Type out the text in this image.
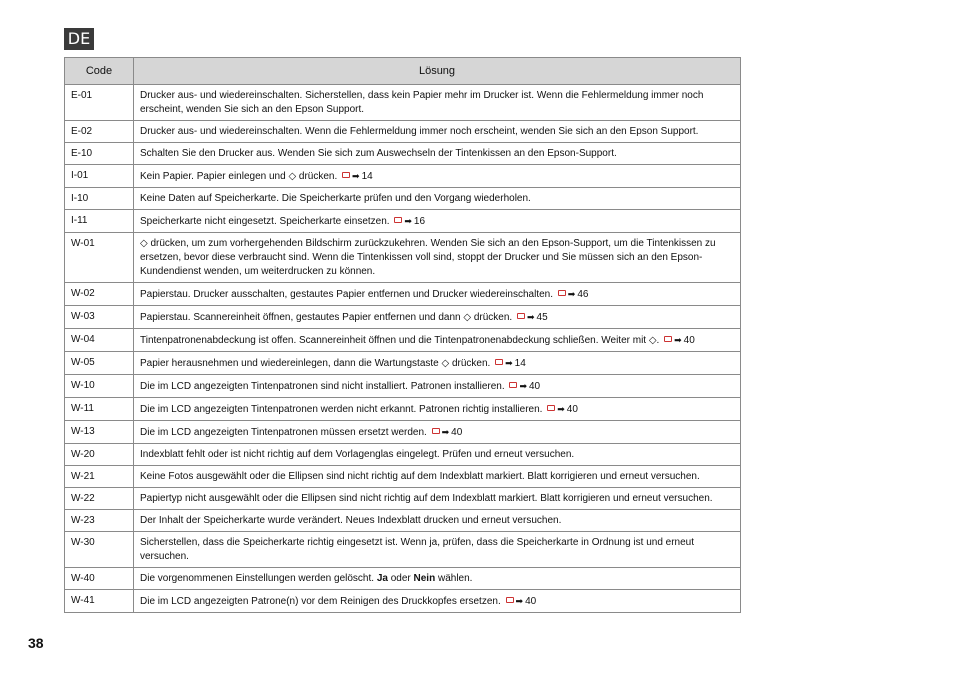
DE
Code	Lösung
E-01	Drucker aus- und wiedereinschalten. Sicherstellen, dass kein Papier mehr im Drucker ist. Wenn die Fehlermeldung immer noch erscheint, wenden Sie sich an den Epson Support.
E-02	Drucker aus- und wiedereinschalten. Wenn die Fehlermeldung immer noch erscheint, wenden Sie sich an den Epson Support.
E-10	Schalten Sie den Drucker aus. Wenden Sie sich zum Auswechseln der Tintenkissen an den Epson-Support.
I-01	Kein Papier. Papier einlegen und ◇ drücken. ➡ 14
I-10	Keine Daten auf Speicherkarte. Die Speicherkarte prüfen und den Vorgang wiederholen.
I-11	Speicherkarte nicht eingesetzt. Speicherkarte einsetzen. ➡ 16
W-01	◇ drücken, um zum vorhergehenden Bildschirm zurückzukehren. Wenden Sie sich an den Epson-Support, um die Tintenkissen zu ersetzen, bevor diese verbraucht sind. Wenn die Tintenkissen voll sind, stoppt der Drucker und Sie müssen sich an den Epson-Kundendienst wenden, um weiterdrucken zu können.
W-02	Papierstau. Drucker ausschalten, gestautes Papier entfernen und Drucker wiedereinschalten. ➡ 46
W-03	Papierstau. Scannereinheit öffnen, gestautes Papier entfernen und dann ◇ drücken. ➡ 45
W-04	Tintenpatronenabdeckung ist offen. Scannereinheit öffnen und die Tintenpatronenabdeckung schließen. Weiter mit ◇. ➡ 40
W-05	Papier herausnehmen und wiedereinlegen, dann die Wartungstaste ◇ drücken. ➡ 14
W-10	Die im LCD angezeigten Tintenpatronen sind nicht installiert. Patronen installieren. ➡ 40
W-11	Die im LCD angezeigten Tintenpatronen werden nicht erkannt. Patronen richtig installieren. ➡ 40
W-13	Die im LCD angezeigten Tintenpatronen müssen ersetzt werden. ➡ 40
W-20	Indexblatt fehlt oder ist nicht richtig auf dem Vorlagenglas eingelegt. Prüfen und erneut versuchen.
W-21	Keine Fotos ausgewählt oder die Ellipsen sind nicht richtig auf dem Indexblatt markiert. Blatt korrigieren und erneut versuchen.
W-22	Papiertyp nicht ausgewählt oder die Ellipsen sind nicht richtig auf dem Indexblatt markiert. Blatt korrigieren und erneut versuchen.
W-23	Der Inhalt der Speicherkarte wurde verändert. Neues Indexblatt drucken und erneut versuchen.
W-30	Sicherstellen, dass die Speicherkarte richtig eingesetzt ist. Wenn ja, prüfen, dass die Speicherkarte in Ordnung ist und erneut versuchen.
W-40	Die vorgenommenen Einstellungen werden gelöscht. Ja oder Nein wählen.
W-41	Die im LCD angezeigten Patrone(n) vor dem Reinigen des Druckkopfes ersetzen. ➡ 40
38
